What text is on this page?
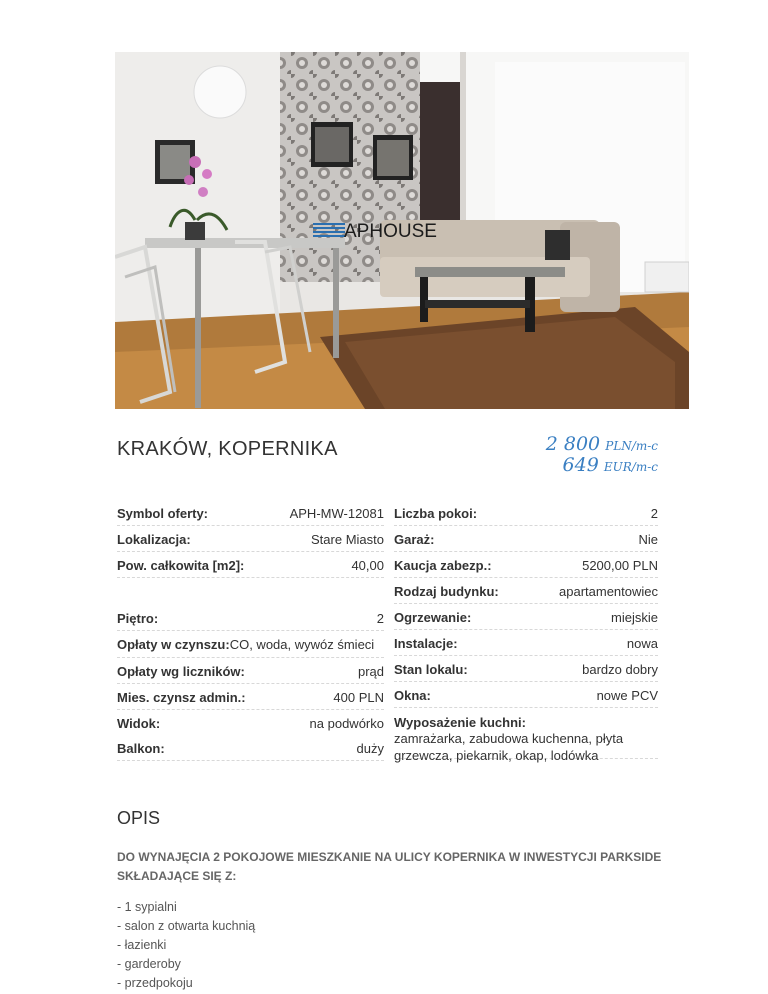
APHOUSE
KRAKÓW, KOPERNIKA	2 800 PLN/m-c
649 EUR/m-c
Symbol oferty:	APH-MW-12081
Lokalizacja:	Stare Miasto
Pow. całkowita [m2]:	40,00
Piętro:	2
Opłaty w czynszu:CO, woda, wywóz śmieci
Opłaty wg liczników:	prąd
Mies. czynsz admin.:	400 PLN
Widok:	na podwórko
Balkon:	duży
Liczba pokoi:	2
Garaż:	Nie
Kaucja zabezp.:	5200,00 PLN
Rodzaj budynku:	apartamentowiec
Ogrzewanie:	miejskie
Instalacje:	nowa
Stan lokalu:	bardzo dobry
Okna:	nowe PCV
Wyposażenie kuchni:
zamrażarka, zabudowa kuchenna, płyta grzewcza, piekarnik, okap, lodówka
OPIS
DO WYNAJĘCIA 2 POKOJOWE MIESZKANIE NA ULICY KOPERNIKA W INWESTYCJI PARKSIDE SKŁADAJĄCE SIĘ Z:
- 1 sypialni
- salon z otwarta kuchnią
- łazienki
- garderoby
- przedpokoju
